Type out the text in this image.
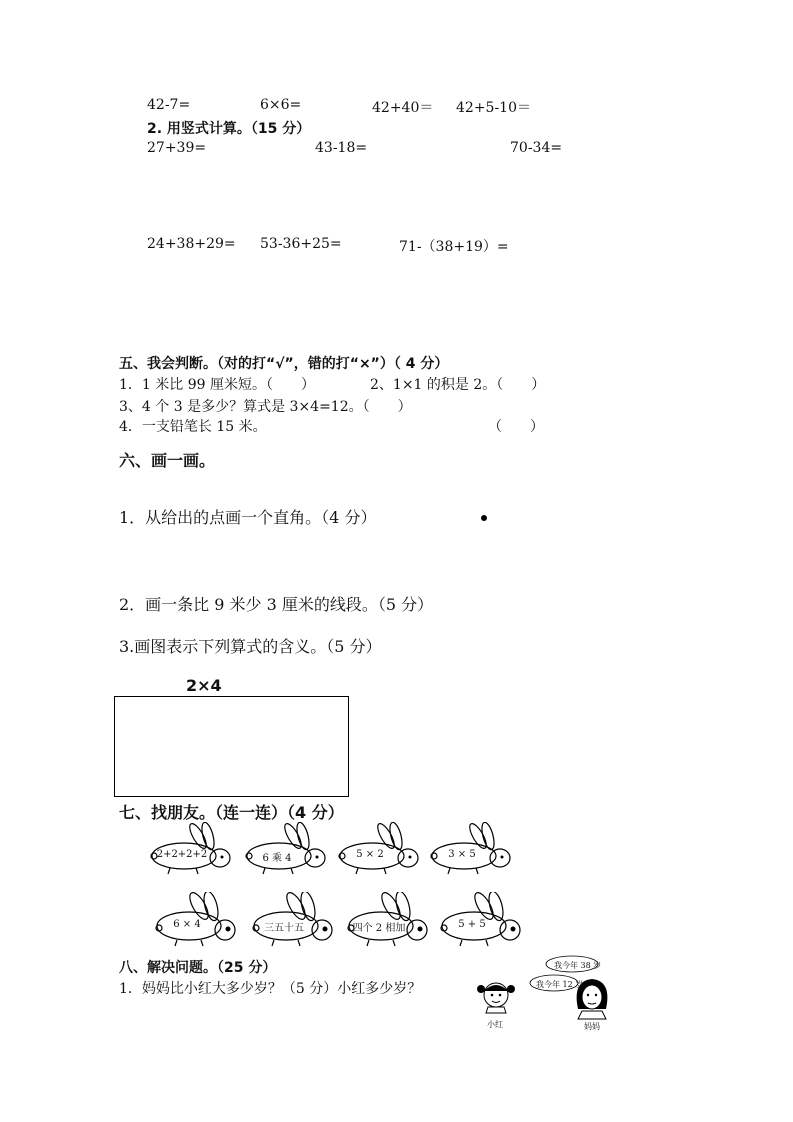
42-7=	6×6=	42+40＝ 42+5-10＝
2. 用竖式计算。（15 分）
27+39=	43-18=	70-34=
24+38+29= 53-36+25=	71-（38+19）=
五、我会判断。（对的打“√”，错的打“×”）（ 4 分）
1．1 米比 99 厘米短。（　　）	2、1×1 的积是 2。（　　）
3、4 个 3 是多少？算式是 3×4=12。（　　）
4．一支铅笔长 15 米。	（　　）
六、画一画。
1．从给出的点画一个直角。（4 分）
2．画一条比 9 米少 3 厘米的线段。（5 分）
3.画图表示下列算式的含义。（5 分）
2×4
七、找朋友。（连一连）（4 分）
2+2+2+2	6 乘 4	5 × 2	3 × 5
6 × 4	三五十五	四个 2 相加	5 + 5
八、解决问题。（25 分）
1．妈妈比小红大多少岁？（5 分）小红多少岁？
我今年 38 岁
我今年 12 岁
小红	妈妈
